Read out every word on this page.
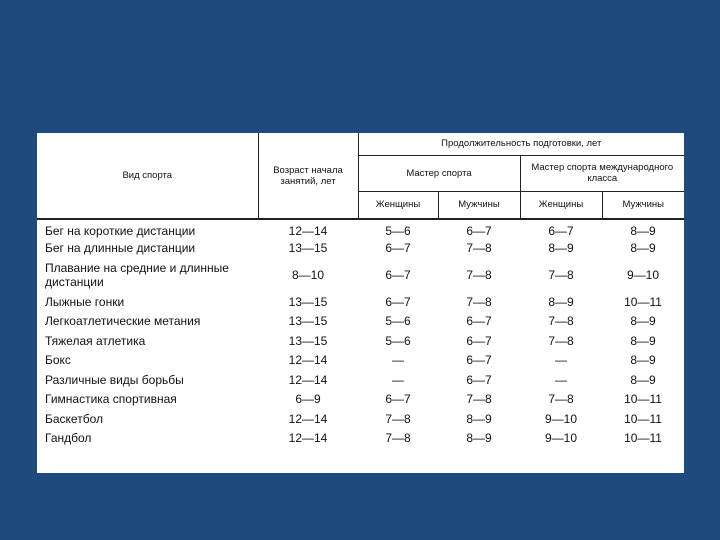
Вид спорта	Возраст начала занятий, лет	Продолжительность подготовки, лет			
		Мастер спорта		Мастер спорта международного класса	
		Женщины	Мужчины	Женщины	Мужчины
Бег на короткие дистанции	12—14	5—6	6—7	6—7	8—9
Бег на длинные дистанции	13—15	6—7	7—8	8—9	8—9
Плавание на средние и длинные дистанции	8—10	6—7	7—8	7—8	9—10
Лыжные гонки	13—15	6—7	7—8	8—9	10—11
Легкоатлетические метания	13—15	5—6	6—7	7—8	8—9
Тяжелая атлетика	13—15	5—6	6—7	7—8	8—9
Бокс	12—14	—	6—7	—	8—9
Различные виды борьбы	12—14	—	6—7	—	8—9
Гимнастика спортивная	6—9	6—7	7—8	7—8	10—11
Баскетбол	12—14	7—8	8—9	9—10	10—11
Гандбол	12—14	7—8	8—9	9—10	10—11
